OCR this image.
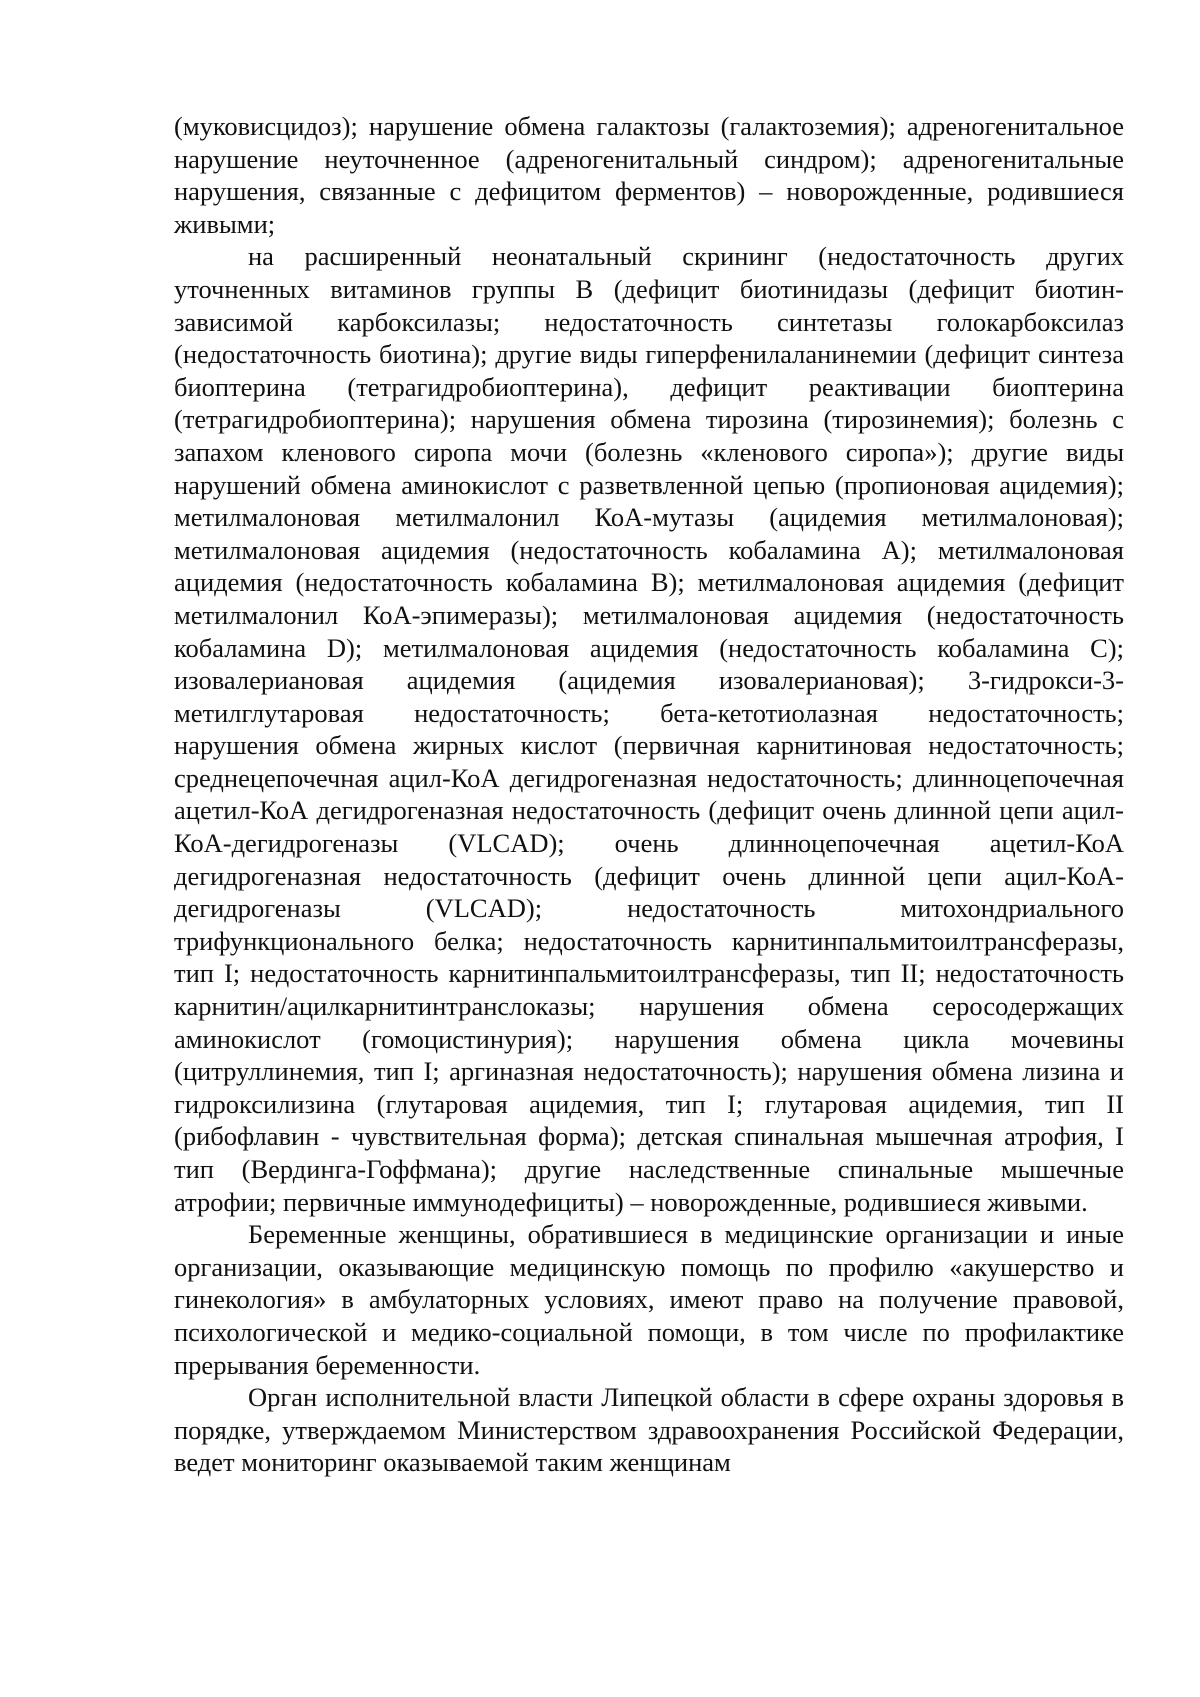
(муковисцидоз); нарушение обмена галактозы (галактоземия); адреногенитальное нарушение неуточненное (адреногенитальный синдром); адреногенитальные нарушения, связанные с дефицитом ферментов) – новорожденные, родившиеся живыми;

на расширенный неонатальный скрининг (недостаточность других уточненных витаминов группы В (дефицит биотинидазы (дефицит биотин-зависимой карбоксилазы; недостаточность синтетазы голокарбоксилаз (недостаточность биотина); другие виды гиперфенилаланинемии (дефицит синтеза биоптерина (тетрагидробиоптерина), дефицит реактивации биоптерина (тетрагидробиоптерина); нарушения обмена тирозина (тирозинемия); болезнь с запахом кленового сиропа мочи (болезнь «кленового сиропа»); другие виды нарушений обмена аминокислот с разветвленной цепью (пропионовая ацидемия); метилмалоновая метилмалонил КоА-мутазы (ацидемия метилмалоновая); метилмалоновая ацидемия (недостаточность кобаламина А); метилмалоновая ацидемия (недостаточность кобаламина В); метилмалоновая ацидемия (дефицит метилмалонил КоА-эпимеразы); метилмалоновая ацидемия (недостаточность кобаламина D); метилмалоновая ацидемия (недостаточность кобаламина С); изовалериановая ацидемия (ацидемия изовалериановая); 3-гидрокси-3-метилглутаровая недостаточность; бета-кетотиолазная недостаточность; нарушения обмена жирных кислот (первичная карнитиновая недостаточность; среднецепочечная ацил-КоА дегидрогеназная недостаточность; длинноцепочечная ацетил-КоА дегидрогеназная недостаточность (дефицит очень длинной цепи ацил-КоА-дегидрогеназы (VLCAD); очень длинноцепочечная ацетил-КоА дегидрогеназная недостаточность (дефицит очень длинной цепи ацил-КоА-дегидрогеназы (VLCAD); недостаточность митохондриального трифункционального белка; недостаточность карнитинпальмитоилтрансферазы, тип I; недостаточность карнитинпальмитоилтрансферазы, тип II; недостаточность карнитин/ацилкарнитинтранслоказы; нарушения обмена серосодержащих аминокислот (гомоцистинурия); нарушения обмена цикла мочевины (цитруллинемия, тип I; аргиназная недостаточность); нарушения обмена лизина и гидроксилизина (глутаровая ацидемия, тип I; глутаровая ацидемия, тип II (рибофлавин - чувствительная форма); детская спинальная мышечная атрофия, I тип (Вердинга-Гоффмана); другие наследственные спинальные мышечные атрофии; первичные иммунодефициты) – новорожденные, родившиеся живыми.

Беременные женщины, обратившиеся в медицинские организации и иные организации, оказывающие медицинскую помощь по профилю «акушерство и гинекология» в амбулаторных условиях, имеют право на получение правовой, психологической и медико-социальной помощи, в том числе по профилактике прерывания беременности.

Орган исполнительной власти Липецкой области в сфере охраны здоровья в порядке, утверждаемом Министерством здравоохранения Российской Федерации, ведет мониторинг оказываемой таким женщинам
